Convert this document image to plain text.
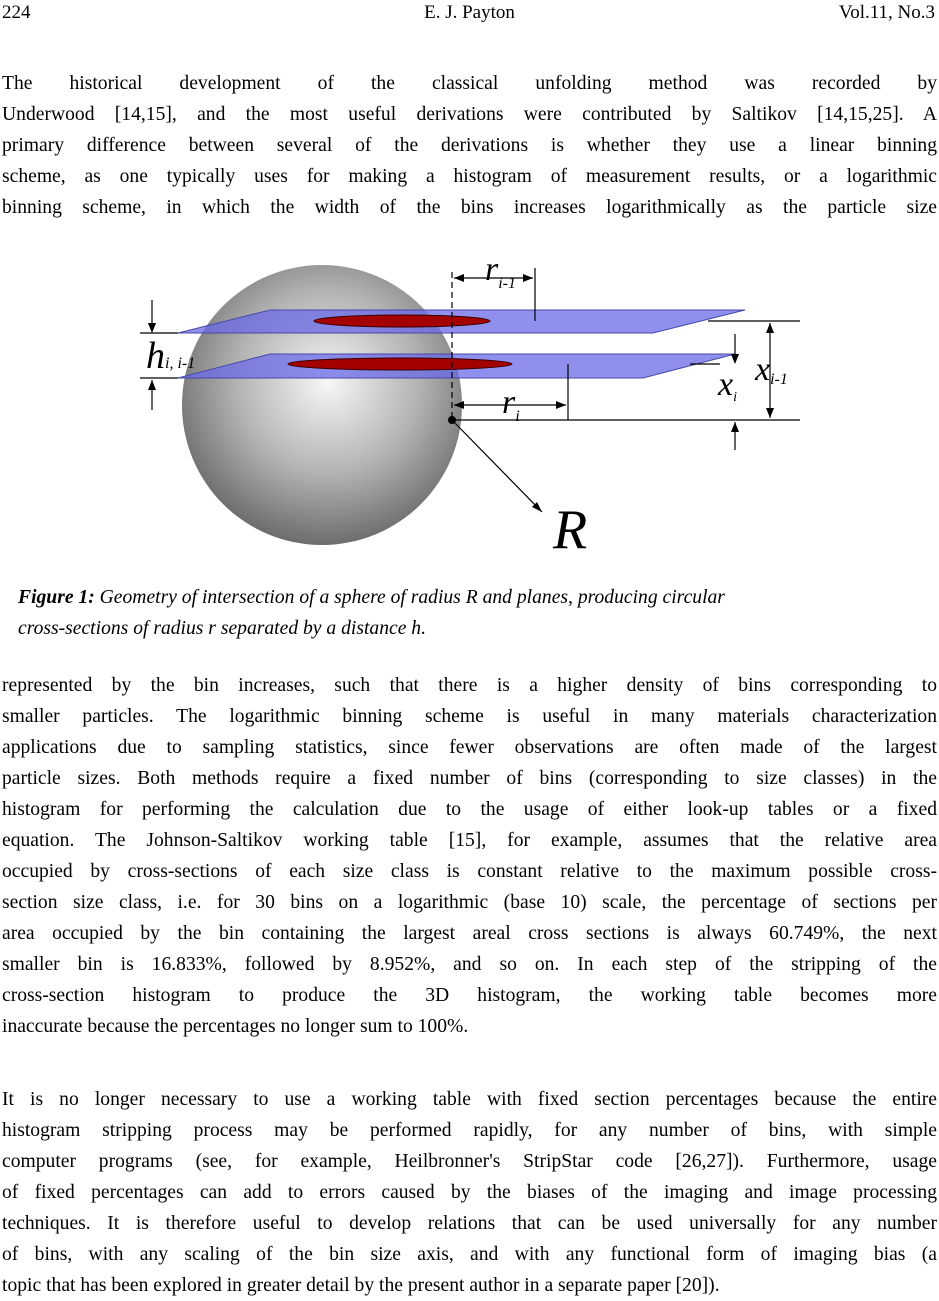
224	E. J. Payton	Vol.11, No.3
The historical development of the classical unfolding method was recorded by
Underwood [14,15], and the most useful derivations were contributed by Saltikov [14,15,25]. A
primary difference between several of the derivations is whether they use a linear binning
scheme, as one typically uses for making a histogram of measurement results, or a logarithmic
binning scheme, in which the width of the bins increases logarithmically as the particle size
$r_{i-1}$
$r_i$
hi, i-1
xi
xi-1
R
Figure 1: Geometry of intersection of a sphere of radius R and planes, producing circular
cross-sections of radius r separated by a distance h.
represented by the bin increases, such that there is a higher density of bins corresponding to
smaller particles. The logarithmic binning scheme is useful in many materials characterization
applications due to sampling statistics, since fewer observations are often made of the largest
particle sizes. Both methods require a fixed number of bins (corresponding to size classes) in the
histogram for performing the calculation due to the usage of either look-up tables or a fixed
equation. The Johnson-Saltikov working table [15], for example, assumes that the relative area
occupied by cross-sections of each size class is constant relative to the maximum possible cross-
section size class, i.e. for 30 bins on a logarithmic (base 10) scale, the percentage of sections per
area occupied by the bin containing the largest areal cross sections is always 60.749%, the next
smaller bin is 16.833%, followed by 8.952%, and so on. In each step of the stripping of the
cross-section histogram to produce the 3D histogram, the working table becomes more
inaccurate because the percentages no longer sum to 100%.
It is no longer necessary to use a working table with fixed section percentages because the entire
histogram stripping process may be performed rapidly, for any number of bins, with simple
computer programs (see, for example, Heilbronner's StripStar code [26,27]). Furthermore, usage
of fixed percentages can add to errors caused by the biases of the imaging and image processing
techniques. It is therefore useful to develop relations that can be used universally for any number
of bins, with any scaling of the bin size axis, and with any functional form of imaging bias (a
topic that has been explored in greater detail by the present author in a separate paper [20]).
